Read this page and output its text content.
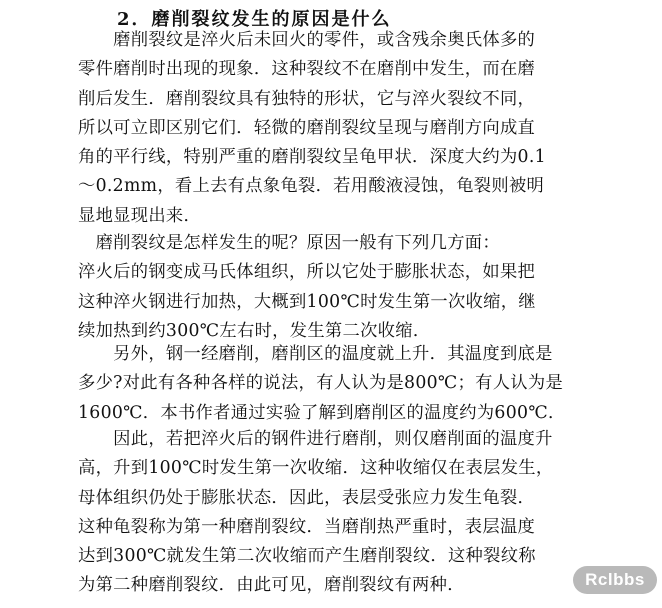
2．磨削裂纹发生的原因是什么
　　磨削裂纹是淬火后未回火的零件，或含残余奥氏体多的
零件磨削时出现的现象．这种裂纹不在磨削中发生，而在磨
削后发生．磨削裂纹具有独特的形状，它与淬火裂纹不同，
所以可立即区别它们．轻微的磨削裂纹呈现与磨削方向成直
角的平行线，特别严重的磨削裂纹呈龟甲状．深度大约为0.1
～0.2mm，看上去有点象龟裂．若用酸液浸蚀，龟裂则被明
显地显现出来．
　磨削裂纹是怎样发生的呢？原因一般有下列几方面：
淬火后的钢变成马氏体组织，所以它处于膨胀状态，如果把
这种淬火钢进行加热，大概到100℃时发生第一次收缩，继
续加热到约300℃左右时，发生第二次收缩．
　　另外，钢一经磨削，磨削区的温度就上升．其温度到底是
多少?对此有各种各样的说法，有人认为是800℃；有人认为是
1600℃．本书作者通过实验了解到磨削区的温度约为600℃．
　　因此，若把淬火后的钢件进行磨削，则仅磨削面的温度升
高，升到100℃时发生第一次收缩．这种收缩仅在表层发生，
母体组织仍处于膨胀状态．因此，表层受张应力发生龟裂．
这种龟裂称为第一种磨削裂纹．当磨削热严重时，表层温度
达到300℃就发生第二次收缩而产生磨削裂纹．这种裂纹称
为第二种磨削裂纹．由此可见，磨削裂纹有两种．	Rclbbs
